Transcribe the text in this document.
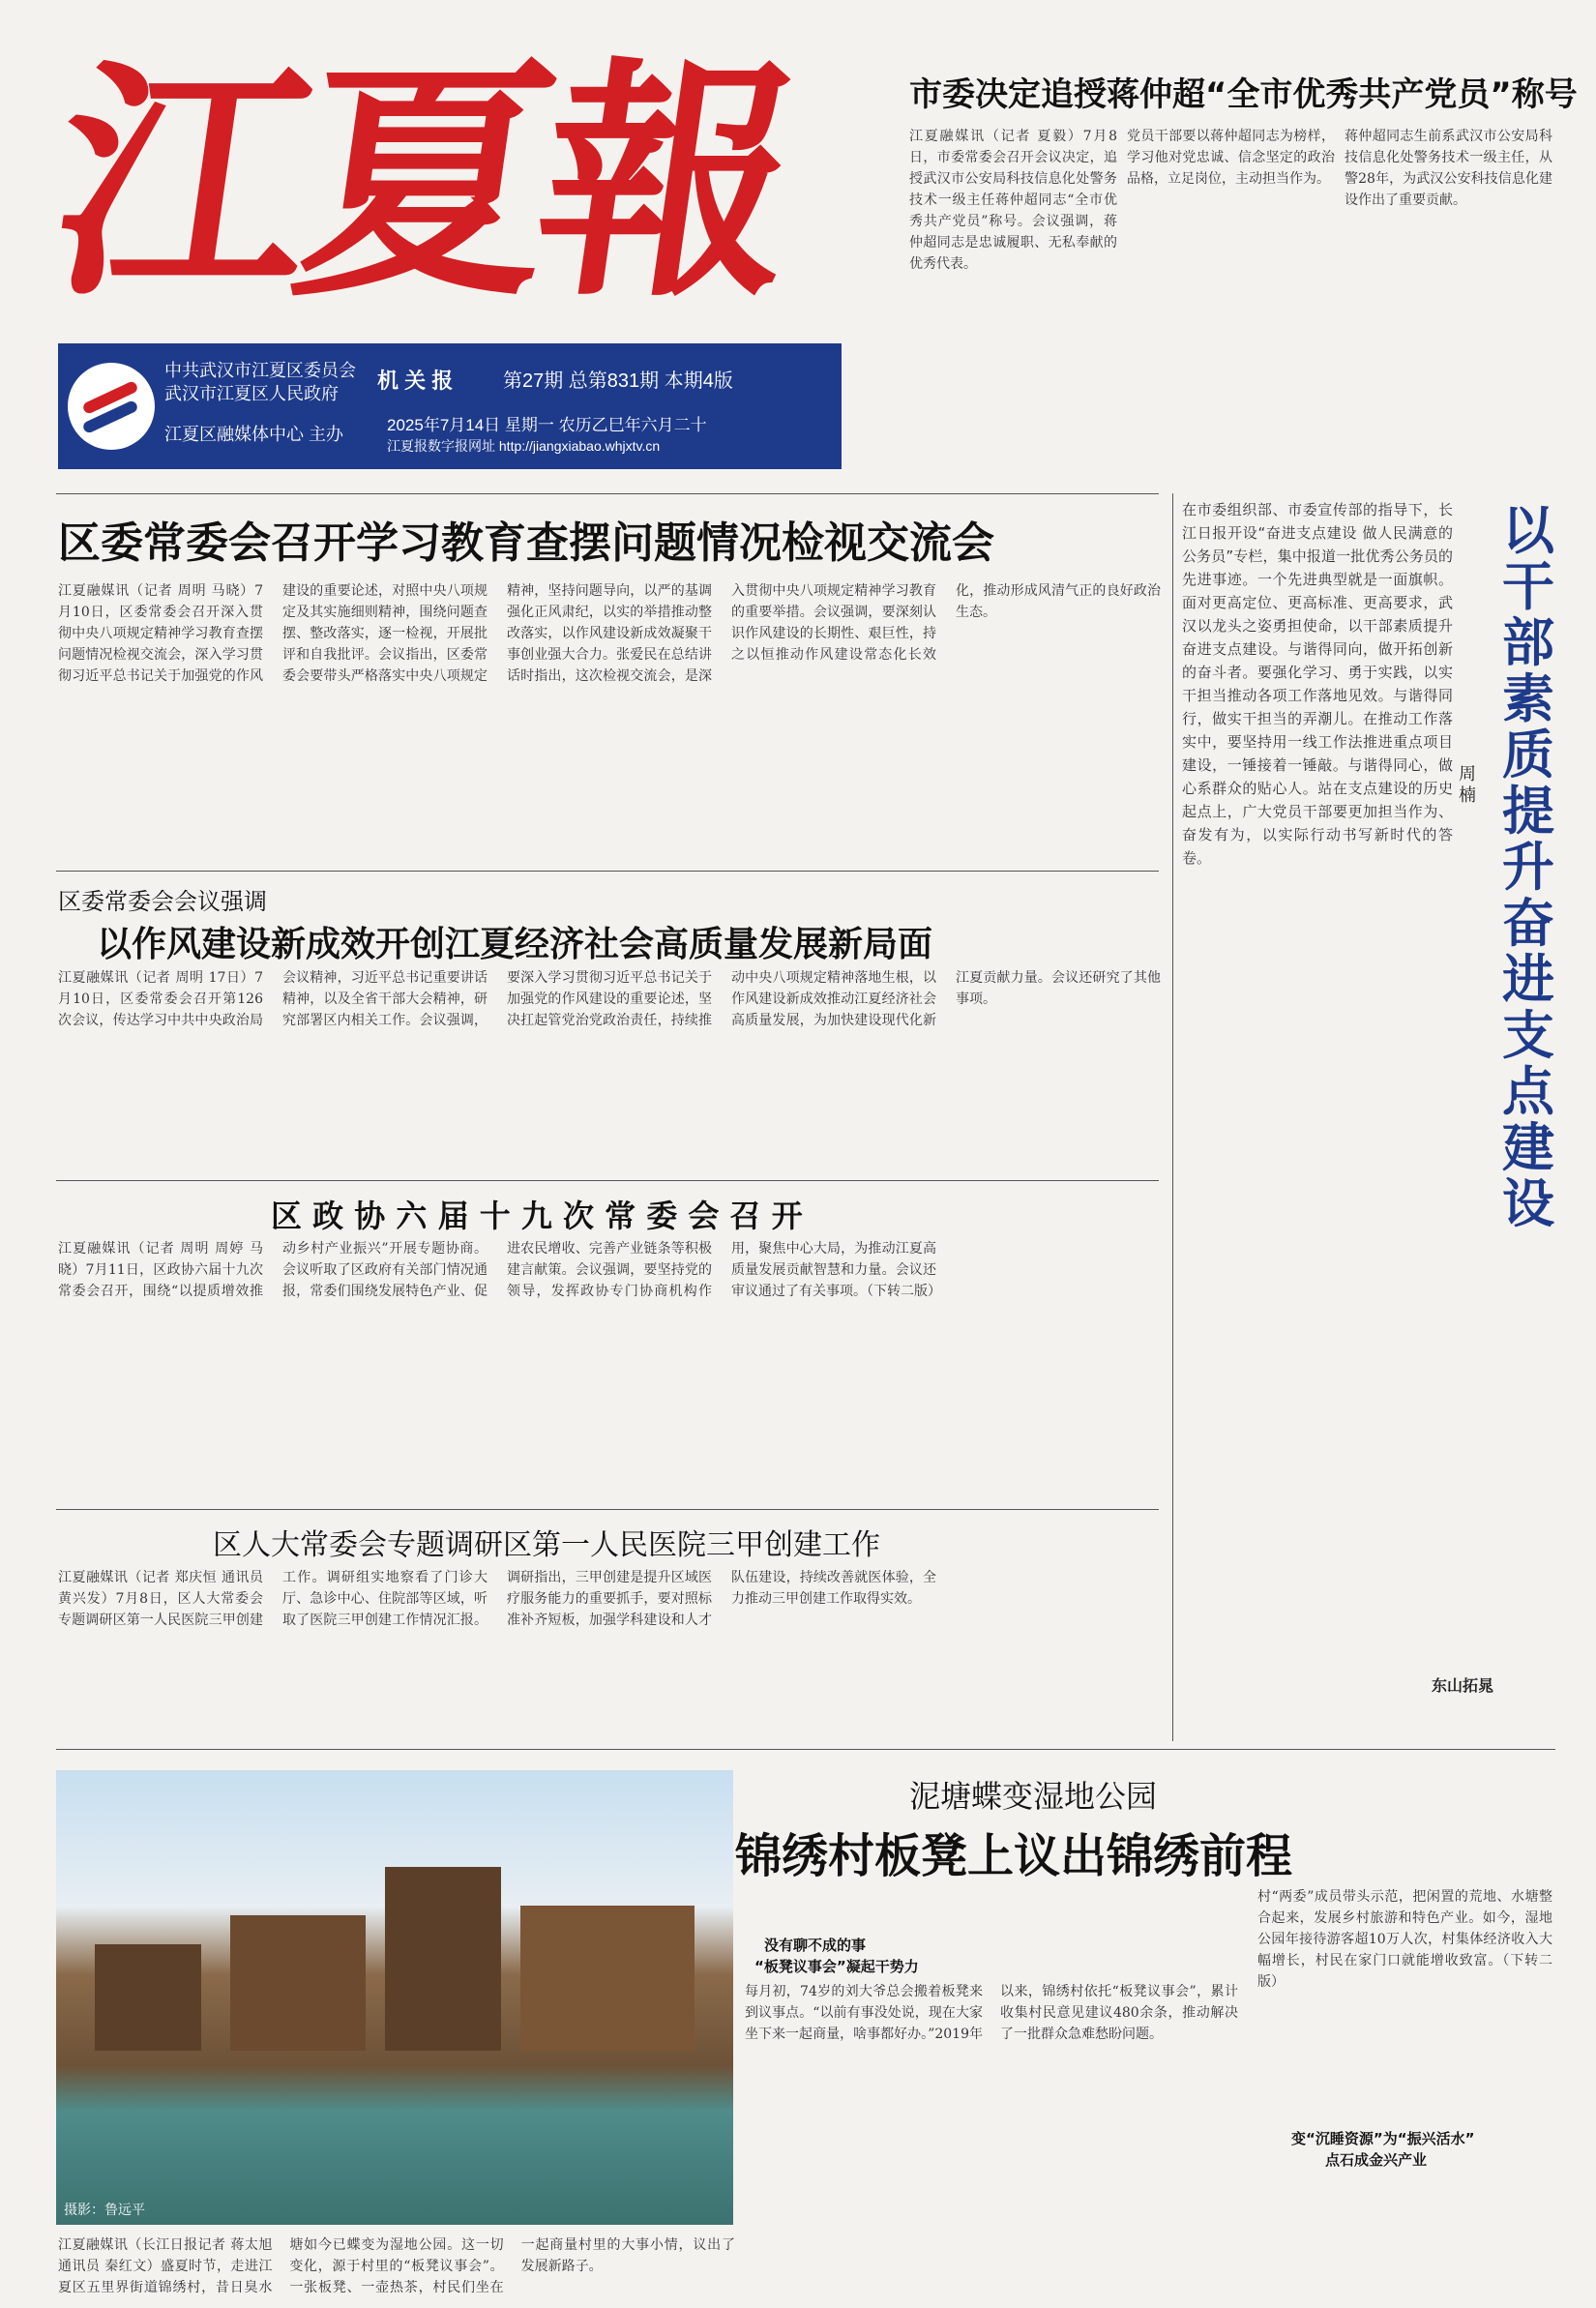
江夏報
中共武汉市江夏区委员会
武汉市江夏区人民政府
机 关 报	第27期 总第831期 本期4版
江夏区融媒体中心 主办	2025年7月14日 星期一 农历乙巳年六月二十
江夏报数字报网址 http://jiangxiabao.whjxtv.cn
市委决定追授蒋仲超“全市优秀共产党员”称号
江夏融媒讯（记者 夏毅）7月8日，市委常委会召开会议决定，追授武汉市公安局科技信息化处警务技术一级主任蒋仲超同志“全市优秀共产党员”称号。会议强调，蒋仲超同志是忠诚履职、无私奉献的优秀代表。
党员干部要以蒋仲超同志为榜样，学习他对党忠诚、信念坚定的政治品格，立足岗位，主动担当作为。
蒋仲超同志生前系武汉市公安局科技信息化处警务技术一级主任，从警28年，为武汉公安科技信息化建设作出了重要贡献。
区委常委会召开学习教育查摆问题情况检视交流会
江夏融媒讯（记者 周明 马晓）7月10日，区委常委会召开深入贯彻中央八项规定精神学习教育查摆问题情况检视交流会，深入学习贯彻习近平总书记关于加强党的作风建设的重要论述，对照中央八项规定及其实施细则精神，围绕问题查摆、整改落实，逐一检视，开展批评和自我批评。会议指出，区委常委会要带头严格落实中央八项规定精神，坚持问题导向，以严的基调强化正风肃纪，以实的举措推动整改落实，以作风建设新成效凝聚干事创业强大合力。张爱民在总结讲话时指出，这次检视交流会，是深入贯彻中央八项规定精神学习教育的重要举措。会议强调，要深刻认识作风建设的长期性、艰巨性，持之以恒推动作风建设常态化长效化，推动形成风清气正的良好政治生态。
区委常委会会议强调
以作风建设新成效开创江夏经济社会高质量发展新局面
江夏融媒讯（记者 周明 17日）7月10日，区委常委会召开第126次会议，传达学习中共中央政治局会议精神，习近平总书记重要讲话精神，以及全省干部大会精神，研究部署区内相关工作。会议强调，要深入学习贯彻习近平总书记关于加强党的作风建设的重要论述，坚决扛起管党治党政治责任，持续推动中央八项规定精神落地生根，以作风建设新成效推动江夏经济社会高质量发展，为加快建设现代化新江夏贡献力量。会议还研究了其他事项。
区 政 协 六 届 十 九 次 常 委 会 召 开
江夏融媒讯（记者 周明 周婷 马晓）7月11日，区政协六届十九次常委会召开，围绕“以提质增效推动乡村产业振兴”开展专题协商。会议听取了区政府有关部门情况通报，常委们围绕发展特色产业、促进农民增收、完善产业链条等积极建言献策。会议强调，要坚持党的领导，发挥政协专门协商机构作用，聚焦中心大局，为推动江夏高质量发展贡献智慧和力量。会议还审议通过了有关事项。（下转二版）
区人大常委会专题调研区第一人民医院三甲创建工作
江夏融媒讯（记者 郑庆恒 通讯员 黄兴发）7月8日，区人大常委会专题调研区第一人民医院三甲创建工作。调研组实地察看了门诊大厅、急诊中心、住院部等区域，听取了医院三甲创建工作情况汇报。调研指出，三甲创建是提升区域医疗服务能力的重要抓手，要对照标准补齐短板，加强学科建设和人才队伍建设，持续改善就医体验，全力推动三甲创建工作取得实效。
在市委组织部、市委宣传部的指导下，长江日报开设“奋进支点建设 做人民满意的公务员”专栏，集中报道一批优秀公务员的先进事迹。一个先进典型就是一面旗帜。面对更高定位、更高标准、更高要求，武汉以龙头之姿勇担使命，以干部素质提升奋进支点建设。与谐得同向，做开拓创新的奋斗者。要强化学习、勇于实践，以实干担当推动各项工作落地见效。与谐得同行，做实干担当的弄潮儿。在推动工作落实中，要坚持用一线工作法推进重点项目建设，一锤接着一锤敲。与谐得同心，做心系群众的贴心人。站在支点建设的历史起点上，广大党员干部要更加担当作为、奋发有为，以实际行动书写新时代的答卷。
以干部素质提升奋进支点建设
周楠
东山拓晁
摄影：鲁远平
泥塘蝶变湿地公园
锦绣村板凳上议出锦绣前程
江夏融媒讯（长江日报记者 蒋太旭 通讯员 秦红文）盛夏时节，走进江夏区五里界街道锦绣村，昔日臭水塘如今已蝶变为湿地公园。这一切变化，源于村里的“板凳议事会”。一张板凳、一壶热茶，村民们坐在一起商量村里的大事小情，议出了发展新路子。
没有聊不成的事
“板凳议事会”凝起干势力
每月初，74岁的刘大爷总会搬着板凳来到议事点。“以前有事没处说，现在大家坐下来一起商量，啥事都好办。”2019年以来，锦绣村依托“板凳议事会”，累计收集村民意见建议480余条，推动解决了一批群众急难愁盼问题。
村“两委”成员带头示范，把闲置的荒地、水塘整合起来，发展乡村旅游和特色产业。如今，湿地公园年接待游客超10万人次，村集体经济收入大幅增长，村民在家门口就能增收致富。（下转二版）
变“沉睡资源”为“振兴活水”
点石成金兴产业
